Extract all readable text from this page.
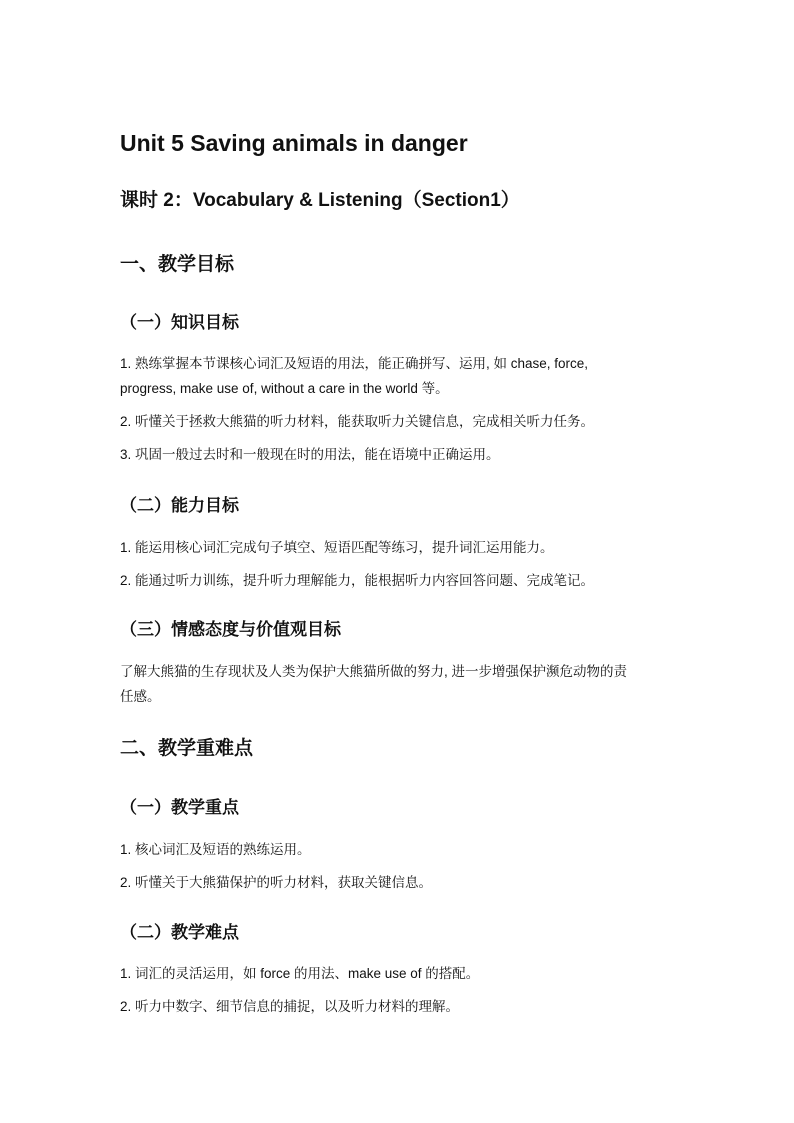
Unit 5 Saving animals in danger
课时 2：Vocabulary & Listening（Section1）
一、教学目标
（一）知识目标
1. 熟练掌握本节课核心词汇及短语的用法，能正确拼写、运用, 如 chase, force,
progress, make use of, without a care in the world 等。
2. 听懂关于拯救大熊猫的听力材料，能获取听力关键信息，完成相关听力任务。
3. 巩固一般过去时和一般现在时的用法，能在语境中正确运用。
（二）能力目标
1. 能运用核心词汇完成句子填空、短语匹配等练习，提升词汇运用能力。
2. 能通过听力训练，提升听力理解能力，能根据听力内容回答问题、完成笔记。
（三）情感态度与价值观目标
了解大熊猫的生存现状及人类为保护大熊猫所做的努力, 进一步增强保护濒危动物的责
任感。
二、教学重难点
（一）教学重点
1. 核心词汇及短语的熟练运用。
2. 听懂关于大熊猫保护的听力材料，获取关键信息。
（二）教学难点
1. 词汇的灵活运用，如 force 的用法、make use of 的搭配。
2. 听力中数字、细节信息的捕捉，以及听力材料的理解。
